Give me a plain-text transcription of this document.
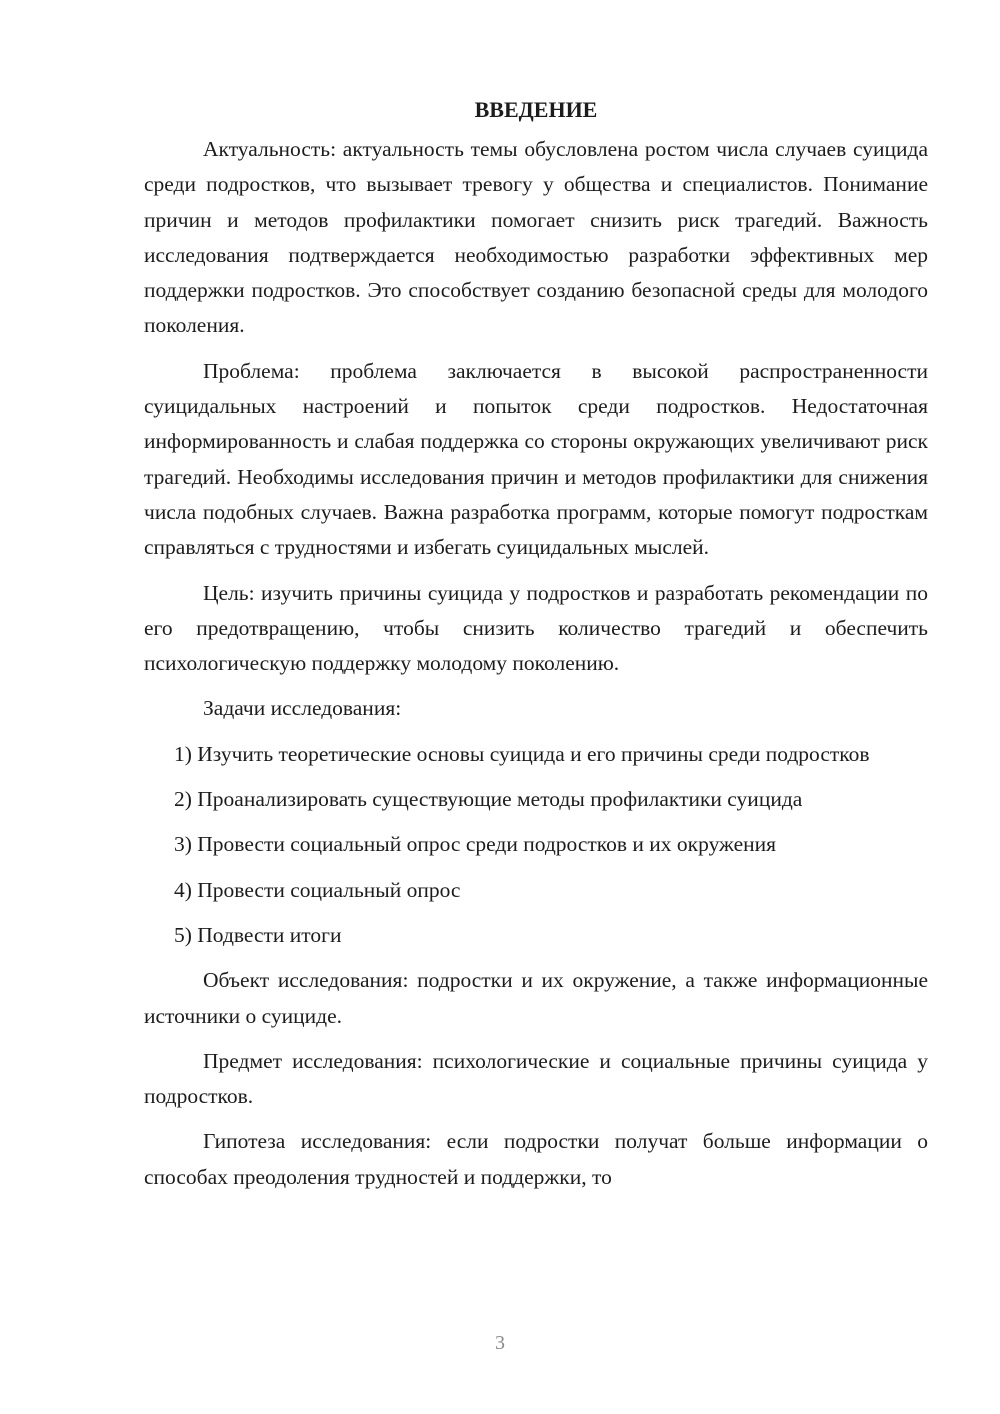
ВВЕДЕНИЕ

Актуальность: актуальность темы обусловлена ростом числа случаев суицида среди подростков, что вызывает тревогу у общества и специалистов. Понимание причин и методов профилактики помогает снизить риск трагедий. Важность исследования подтверждается необходимостью разработки эффективных мер поддержки подростков. Это способствует созданию безопасной среды для молодого поколения.

Проблема: проблема заключается в высокой распространенности суицидальных настроений и попыток среди подростков. Недостаточная информированность и слабая поддержка со стороны окружающих увеличивают риск трагедий. Необходимы исследования причин и методов профилактики для снижения числа подобных случаев. Важна разработка программ, которые помогут подросткам справляться с трудностями и избегать суицидальных мыслей.

Цель: изучить причины суицида у подростков и разработать рекомендации по его предотвращению, чтобы снизить количество трагедий и обеспечить психологическую поддержку молодому поколению.

Задачи исследования:

1) Изучить теоретические основы суицида и его причины среди подростков

2) Проанализировать существующие методы профилактики суицида

3) Провести социальный опрос среди подростков и их окружения

4) Провести социальный опрос

5) Подвести итоги

Объект исследования: подростки и их окружение, а также информационные источники о суициде.

Предмет исследования: психологические и социальные причины суицида у подростков.

Гипотеза исследования: если подростки получат больше информации о способах преодоления трудностей и поддержки, то

3
